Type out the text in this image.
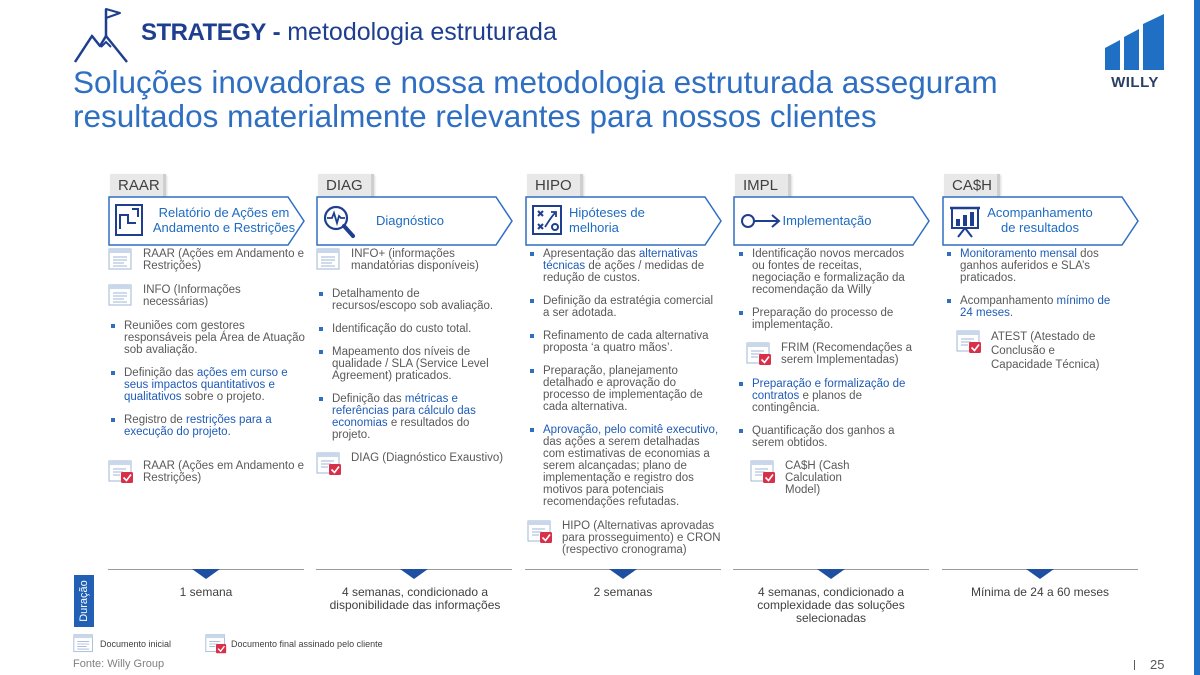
STRATEGY - metodologia estruturada
WILLY
Soluções inovadoras e nossa metodologia estruturada asseguram resultados materialmente relevantes para nossos clientes
RAAR
Relatório de Ações em Andamento e Restrições
DIAG
Diagnóstico
HIPO
Hipóteses de melhoria
IMPL
Implementação
CA$H
Acompanhamento de resultados
RAAR (Ações em Andamento e Restrições)
INFO (Informações necessárias)
Reuniões com gestores responsáveis pela Área de Atuação sob avaliação.
Definição das ações em curso e seus impactos quantitativos e qualitativos sobre o projeto.
Registro de restrições para a execução do projeto.
RAAR (Ações em Andamento e Restrições)
INFO+ (informações mandatórias disponíveis)
Detalhamento de recursos/escopo sob avaliação.
Identificação do custo total.
Mapeamento dos níveis de qualidade / SLA (Service Level Agreement) praticados.
Definição das métricas e referências para cálculo das economias e resultados do projeto.
DIAG (Diagnóstico Exaustivo)
Apresentação das alternativas técnicas de ações / medidas de redução de custos.
Definição da estratégia comercial a ser adotada.
Refinamento de cada alternativa proposta ‘a quatro mãos’.
Preparação, planejamento detalhado e aprovação do processo de implementação de cada alternativa.
Aprovação, pelo comitê executivo, das ações a serem detalhadas com estimativas de economias a serem alcançadas; plano de implementação e registro dos motivos para potenciais recomendações refutadas.
HIPO (Alternativas aprovadas para prosseguimento) e CRON (respectivo cronograma)
Identificação novos mercados ou fontes de receitas, negociação e formalização da recomendação da Willy
Preparação do processo de implementação.
FRIM (Recomendações a serem Implementadas)
Preparação e formalização de contratos e planos de contingência.
Quantificação dos ganhos a serem obtidos.
CA$H (Cash Calculation Model)
Monitoramento mensal dos ganhos auferidos e SLA’s praticados.
Acompanhamento mínimo de 24 meses.
ATEST (Atestado de Conclusão e Capacidade Técnica)
Duração	1 semana	4 semanas, condicionado a disponibilidade das informações
2 semanas	4 semanas, condicionado a complexidade das soluções selecionadas
Mínima de 24 a 60 meses
Documento inicial	Documento final assinado pelo cliente
Fonte: Willy Group	25
